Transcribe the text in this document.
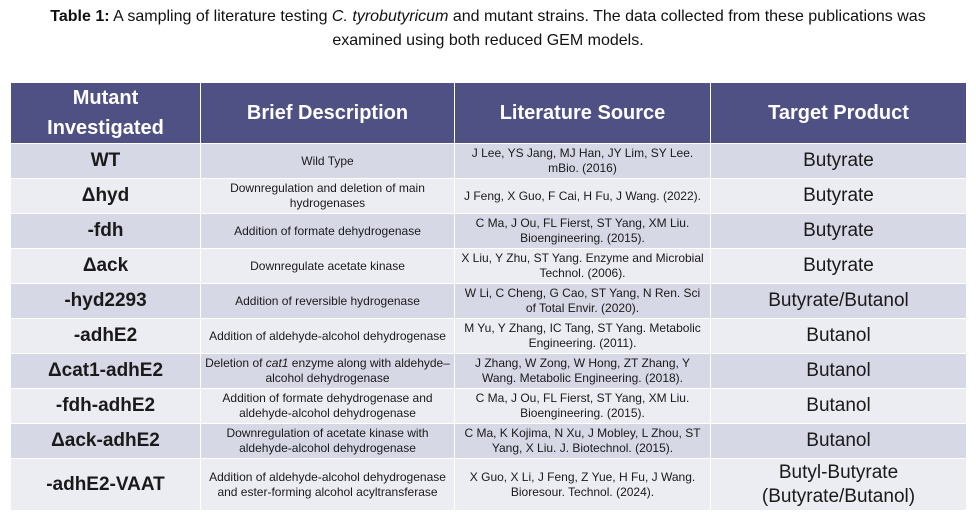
Table 1: A sampling of literature testing C. tyrobutyricum and mutant strains. The data collected from these publications was examined using both reduced GEM models.
Mutant Investigated	Brief Description	Literature Source	Target Product
WT	Wild Type	J Lee, YS Jang, MJ Han, JY Lim, SY Lee. mBio. (2016)	Butyrate
Δhyd	Downregulation and deletion of main hydrogenases	J Feng, X Guo, F Cai, H Fu, J Wang. (2022).	Butyrate
-fdh	Addition of formate dehydrogenase	C Ma, J Ou, FL Fierst, ST Yang, XM Liu. Bioengineering. (2015).	Butyrate
Δack	Downregulate acetate kinase	X Liu, Y Zhu, ST Yang. Enzyme and Microbial Technol. (2006).	Butyrate
-hyd2293	Addition of reversible hydrogenase	W Li, C Cheng, G Cao, ST Yang, N Ren. Sci of Total Envir. (2020).	Butyrate/Butanol
-adhE2	Addition of aldehyde-alcohol dehydrogenase	M Yu, Y Zhang, IC Tang, ST Yang. Metabolic Engineering. (2011).	Butanol
Δcat1-adhE2	Deletion of cat1 enzyme along with aldehyde–alcohol dehydrogenase	J Zhang, W Zong, W Hong, ZT Zhang, Y Wang. Metabolic Engineering. (2018).	Butanol
-fdh-adhE2	Addition of formate dehydrogenase and aldehyde-alcohol dehydrogenase	C Ma, J Ou, FL Fierst, ST Yang, XM Liu. Bioengineering. (2015).	Butanol
Δack-adhE2	Downregulation of acetate kinase with aldehyde-alcohol dehydrogenase	C Ma, K Kojima, N Xu, J Mobley, L Zhou, ST Yang, X Liu. J. Biotechnol. (2015).	Butanol
-adhE2-VAAT	Addition of aldehyde-alcohol dehydrogenase and ester-forming alcohol acyltransferase	X Guo, X Li, J Feng, Z Yue, H Fu, J Wang. Bioresour. Technol. (2024).	Butyl-Butyrate
(Butyrate/Butanol)
